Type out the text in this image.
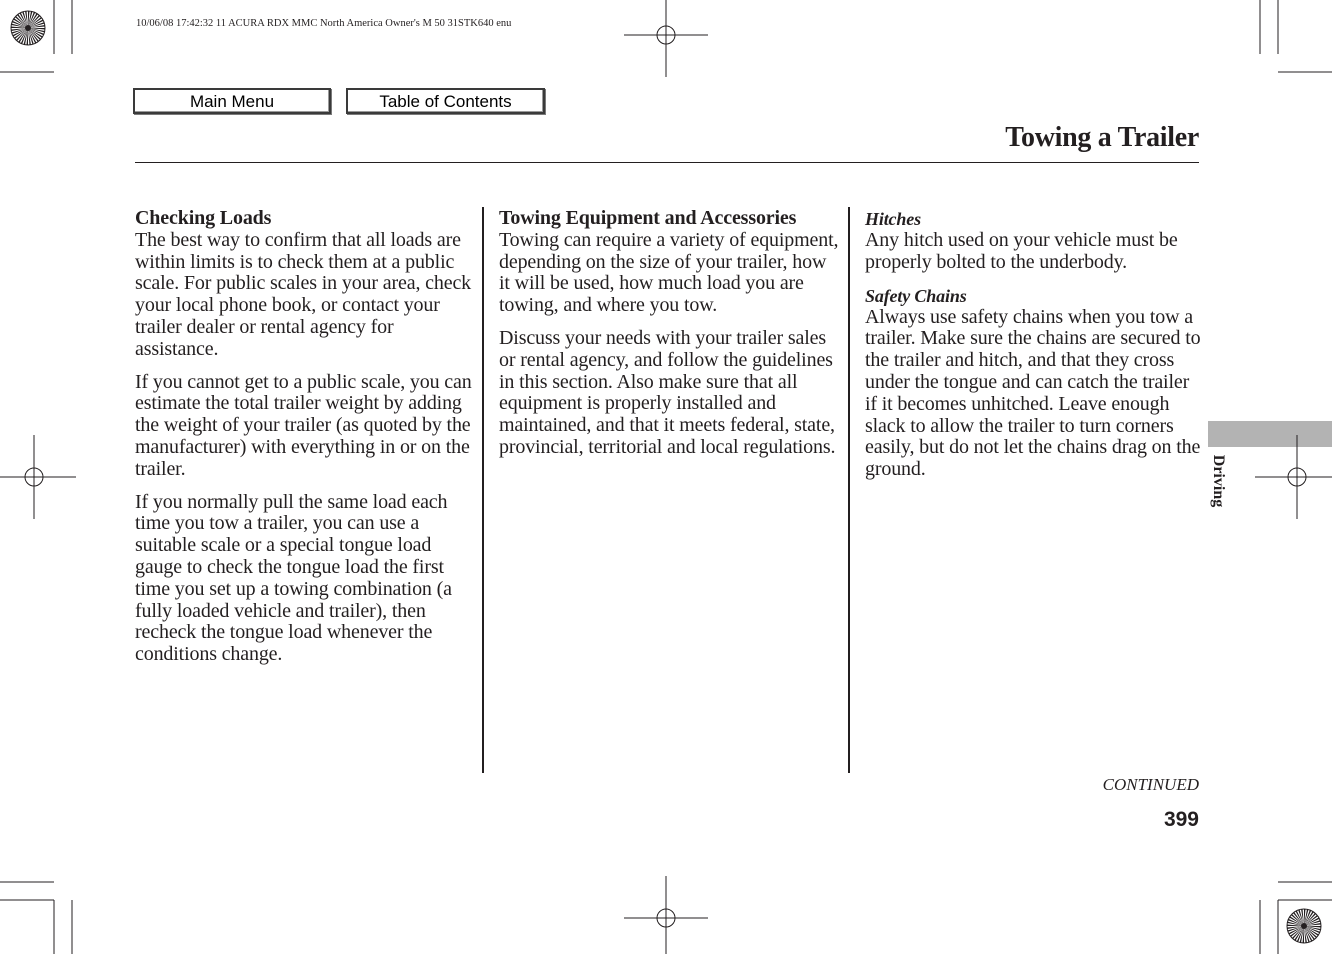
10/06/08 17:42:32 11 ACURA RDX MMC North America Owner's M 50 31STK640 enu
Main Menu	Table of Contents
Towing a Trailer
Checking Loads

The best way to confirm that all loads are within limits is to check them at a public scale. For public scales in your area, check your local phone book, or contact your trailer dealer or rental agency for assistance.

If you cannot get to a public scale, you can estimate the total trailer weight by adding the weight of your trailer (as quoted by the manufacturer) with everything in or on the trailer.

If you normally pull the same load each time you tow a trailer, you can use a suitable scale or a special tongue load gauge to check the tongue load the first time you set up a towing combination (a fully loaded vehicle and trailer), then recheck the tongue load whenever the conditions change.

Towing Equipment and Accessories

Towing can require a variety of equipment, depending on the size of your trailer, how it will be used, how much load you are towing, and where you tow.

Discuss your needs with your trailer sales or rental agency, and follow the guidelines in this section. Also make sure that all equipment is properly installed and maintained, and that it meets federal, state, provincial, territorial and local regulations.

Hitches

Any hitch used on your vehicle must be properly bolted to the underbody.

Safety Chains

Always use safety chains when you tow a trailer. Make sure the chains are secured to the trailer and hitch, and that they cross under the tongue and can catch the trailer if it becomes unhitched. Leave enough slack to allow the trailer to turn corners easily, but do not let the chains drag on the ground.	Driving
CONTINUED
399
